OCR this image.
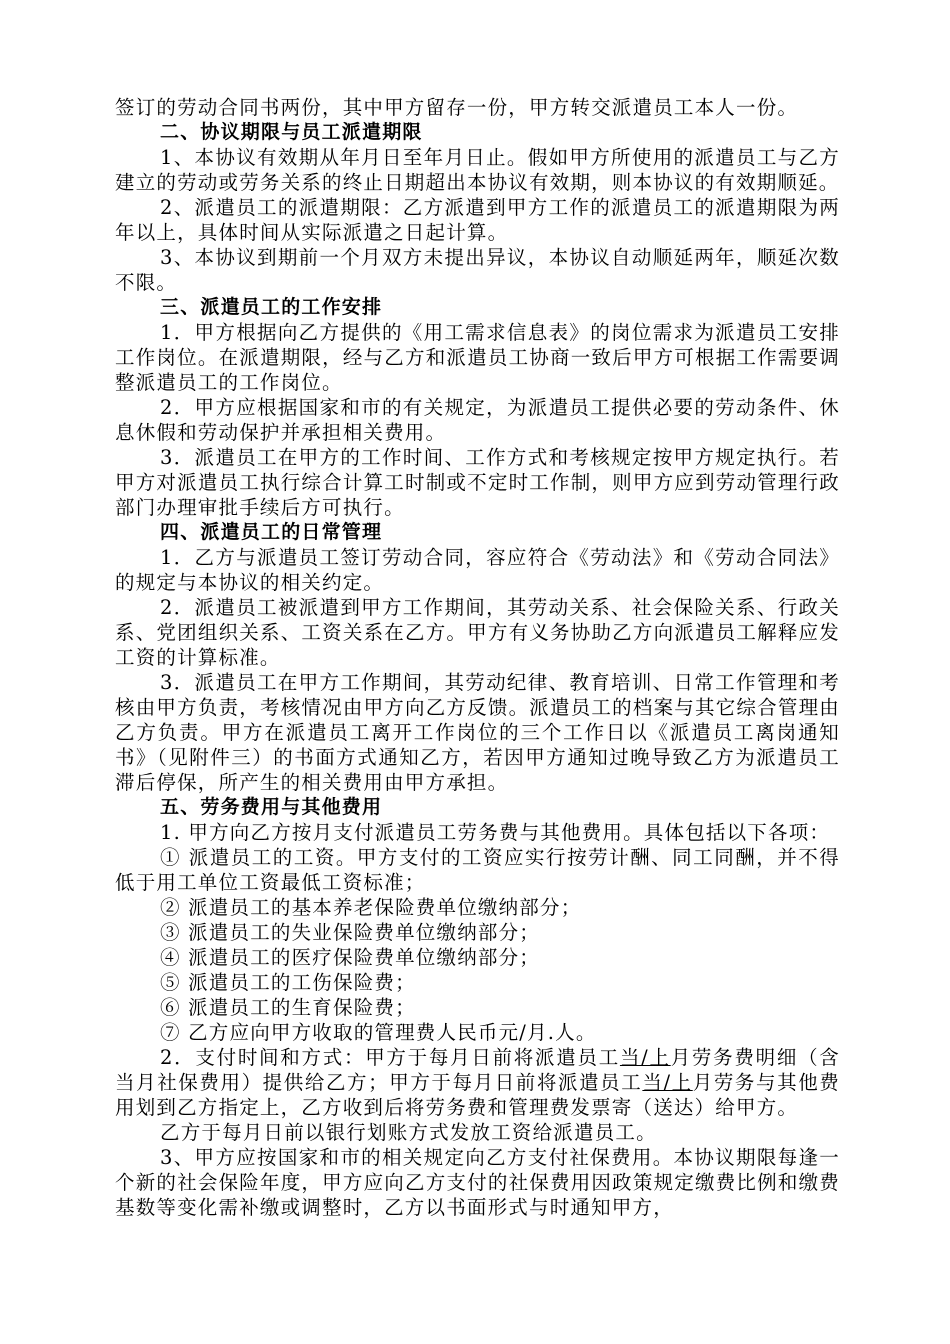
签订的劳动合同书两份，其中甲方留存一份，甲方转交派遣员工本人一份。

二、协议期限与员工派遣期限

1、本协议有效期从年月日至年月日止。假如甲方所使用的派遣员工与乙方建立的劳动或劳务关系的终止日期超出本协议有效期，则本协议的有效期顺延。

2、派遣员工的派遣期限：乙方派遣到甲方工作的派遣员工的派遣期限为两年以上，具体时间从实际派遣之日起计算。

3、本协议到期前一个月双方未提出异议，本协议自动顺延两年，顺延次数不限。

三、派遣员工的工作安排

1．甲方根据向乙方提供的《用工需求信息表》的岗位需求为派遣员工安排工作岗位。在派遣期限，经与乙方和派遣员工协商一致后甲方可根据工作需要调整派遣员工的工作岗位。

2．甲方应根据国家和市的有关规定，为派遣员工提供必要的劳动条件、休息休假和劳动保护并承担相关费用。

3．派遣员工在甲方的工作时间、工作方式和考核规定按甲方规定执行。若甲方对派遣员工执行综合计算工时制或不定时工作制，则甲方应到劳动管理行政部门办理审批手续后方可执行。

四、派遣员工的日常管理

1．乙方与派遣员工签订劳动合同，容应符合《劳动法》和《劳动合同法》的规定与本协议的相关约定。

2．派遣员工被派遣到甲方工作期间，其劳动关系、社会保险关系、行政关系、党团组织关系、工资关系在乙方。甲方有义务协助乙方向派遣员工解释应发工资的计算标准。

3．派遣员工在甲方工作期间，其劳动纪律、教育培训、日常工作管理和考核由甲方负责，考核情况由甲方向乙方反馈。派遣员工的档案与其它综合管理由乙方负责。甲方在派遣员工离开工作岗位的三个工作日以《派遣员工离岗通知书》（见附件三）的书面方式通知乙方，若因甲方通知过晚导致乙方为派遣员工滞后停保，所产生的相关费用由甲方承担。

五、劳务费用与其他费用

1. 甲方向乙方按月支付派遣员工劳务费与其他费用。具体包括以下各项：

① 派遣员工的工资。甲方支付的工资应实行按劳计酬、同工同酬，并不得低于用工单位工资最低工资标准；

② 派遣员工的基本养老保险费单位缴纳部分；

③ 派遣员工的失业保险费单位缴纳部分；

④ 派遣员工的医疗保险费单位缴纳部分；

⑤ 派遣员工的工伤保险费；

⑥ 派遣员工的生育保险费；

⑦ 乙方应向甲方收取的管理费人民币元/月.人。

2．支付时间和方式：甲方于每月日前将派遣员工当/上月劳务费明细（含当月社保费用）提供给乙方；甲方于每月日前将派遣员工当/上月劳务与其他费用划到乙方指定上，乙方收到后将劳务费和管理费发票寄（送达）给甲方。

乙方于每月日前以银行划账方式发放工资给派遣员工。

3、甲方应按国家和市的相关规定向乙方支付社保费用。本协议期限每逢一个新的社会保险年度，甲方应向乙方支付的社保费用因政策规定缴费比例和缴费基数等变化需补缴或调整时，乙方以书面形式与时通知甲方，
